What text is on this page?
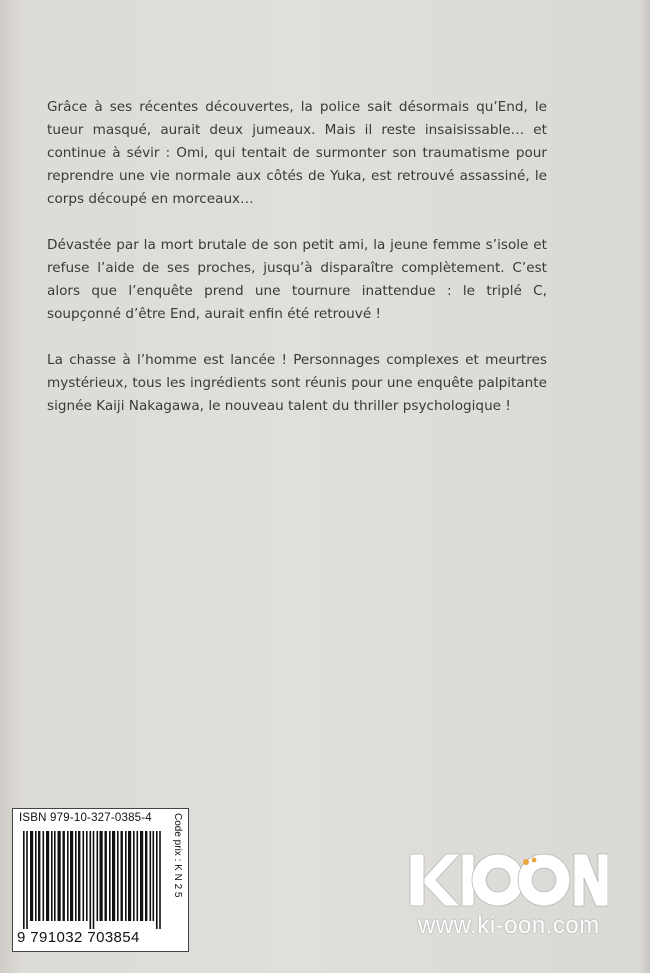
Grâce à ses récentes découvertes, la police sait désormais qu’End, le tueur masqué, aurait deux jumeaux. Mais il reste insaisissable… et continue à sévir : Omi, qui tentait de surmonter son traumatisme pour reprendre une vie normale aux côtés de Yuka, est retrouvé assassiné, le corps découpé en morceaux…

Dévastée par la mort brutale de son petit ami, la jeune femme s’isole et refuse l’aide de ses proches, jusqu’à disparaître complètement. C’est alors que l’enquête prend une tournure inattendue : le triplé C, soupçonné d’être End, aurait enfin été retrouvé !

La chasse à l’homme est lancée ! Personnages complexes et meurtres mystérieux, tous les ingrédients sont réunis pour une enquête palpitante signée Kaiji Nakagawa, le nouveau talent du thriller psychologique !

ISBN 979-10-327-0385-4
9 791032 703854
Code prix : K N 2 5
www.ki-oon.com
